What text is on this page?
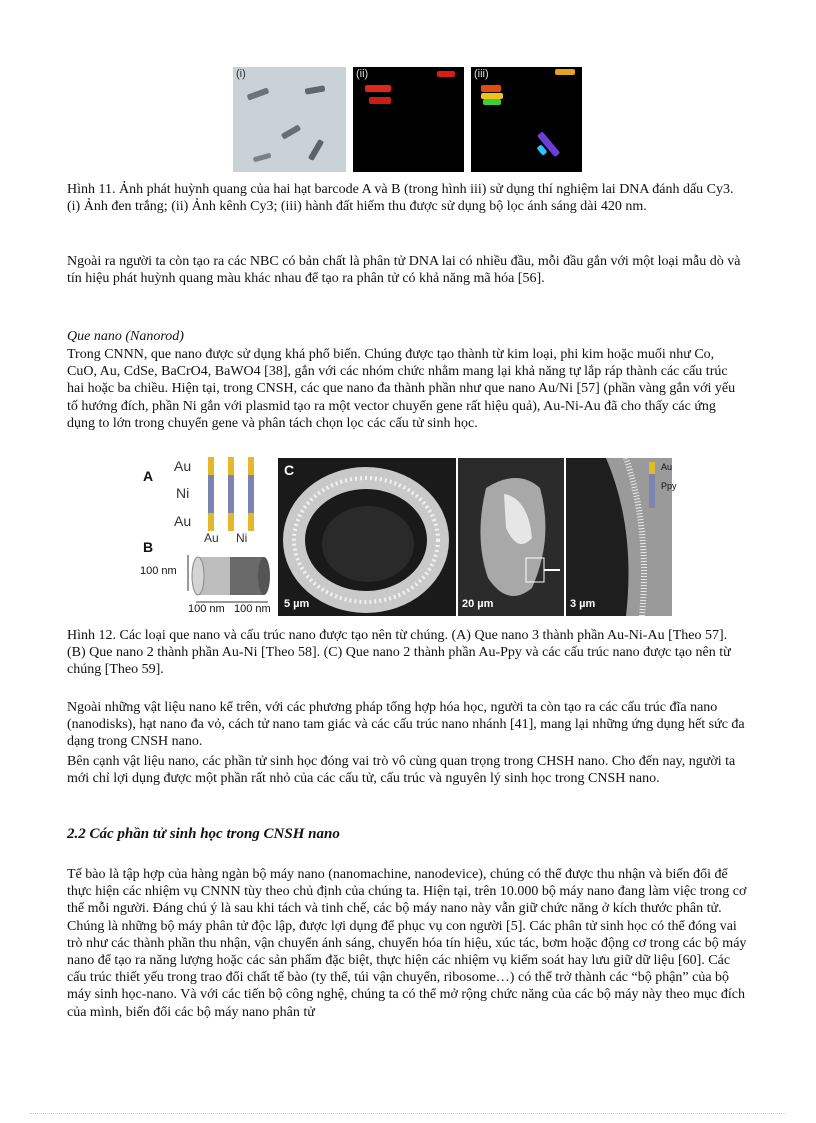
(i)	(ii)	(iii)

Hình 11. Ảnh phát huỳnh quang của hai hạt barcode A và B (trong hình iii) sử dụng thí nghiệm lai DNA đánh dấu Cy3. (i) Ảnh đen trắng; (ii) Ảnh kênh Cy3; (iii) hành đất hiếm thu được sử dụng bộ lọc ánh sáng dài 420 nm.

Ngoài ra người ta còn tạo ra các NBC có bản chất là phân tử DNA lai có nhiều đầu, mỗi đầu gắn với một loại mẫu dò và tín hiệu phát huỳnh quang màu khác nhau để tạo ra phân tử có khả năng mã hóa [56].

Que nano (Nanorod)

Trong CNNN, que nano được sử dụng khá phổ biến. Chúng được tạo thành từ kim loại, phi kim hoặc muối như Co, CuO, Au, CdSe, BaCrO4, BaWO4 [38], gắn với các nhóm chức nhằm mang lại khả năng tự lắp ráp thành các cấu trúc hai hoặc ba chiều. Hiện tại, trong CNSH, các que nano đa thành phần như que nano Au/Ni [57] (phần vàng gắn với yếu tố hướng đích, phần Ni gắn với plasmid tạo ra một vector chuyển gene rất hiệu quả), Au-Ni-Au đã cho thấy các ứng dụng to lớn trong chuyển gene và phân tách chọn lọc các cấu tử sinh học.

A
Au
Ni
Au
Au Ni
B
100 nm
100 nm 100 nm
C
5 µm	20 µm	3 µm
Au
Ppy

Hình 12. Các loại que nano và cấu trúc nano được tạo nên từ chúng. (A) Que nano 3 thành phần Au-Ni-Au [Theo 57]. (B) Que nano 2 thành phần Au-Ni [Theo 58]. (C) Que nano 2 thành phần Au-Ppy và các cấu trúc nano được tạo nên từ chúng [Theo 59].

Ngoài những vật liệu nano kể trên, với các phương pháp tổng hợp hóa học, người ta còn tạo ra các cấu trúc đĩa nano (nanodisks), hạt nano đa vỏ, cách tử nano tam giác và các cấu trúc nano nhánh [41], mang lại những ứng dụng hết sức đa dạng trong CNSH nano.

Bên cạnh vật liệu nano, các phần tử sinh học đóng vai trò vô cùng quan trọng trong CHSH nano. Cho đến nay, người ta mới chỉ lợi dụng được một phần rất nhỏ của các cấu tử, cấu trúc và nguyên lý sinh học trong CNSH nano.

2.2 Các phần tử sinh học trong CNSH nano

Tế bào là tập hợp của hàng ngàn bộ máy nano (nanomachine, nanodevice), chúng có thể được thu nhận và biến đổi để thực hiện các nhiệm vụ CNNN tùy theo chủ định của chúng ta. Hiện tại, trên 10.000 bộ máy nano đang làm việc trong cơ thể mỗi người. Đáng chú ý là sau khi tách và tinh chế, các bộ máy nano này vẫn giữ chức năng ở kích thước phân tử. Chúng là những bộ máy phân tử độc lập, được lợi dụng để phục vụ con người [5]. Các phân tử sinh học có thể đóng vai trò như các thành phần thu nhận, vận chuyển ánh sáng, chuyển hóa tín hiệu, xúc tác, bơm hoặc động cơ trong các bộ máy nano để tạo ra năng lượng hoặc các sản phẩm đặc biệt, thực hiện các nhiệm vụ kiểm soát hay lưu giữ dữ liệu [60]. Các cấu trúc thiết yếu trong trao đổi chất tế bào (ty thể, túi vận chuyển, ribosome…) có thể trở thành các “bộ phận” của bộ máy sinh học-nano. Và với các tiến bộ công nghệ, chúng ta có thể mở rộng chức năng của các bộ máy này theo mục đích của mình, biến đổi các bộ máy nano phân tử
